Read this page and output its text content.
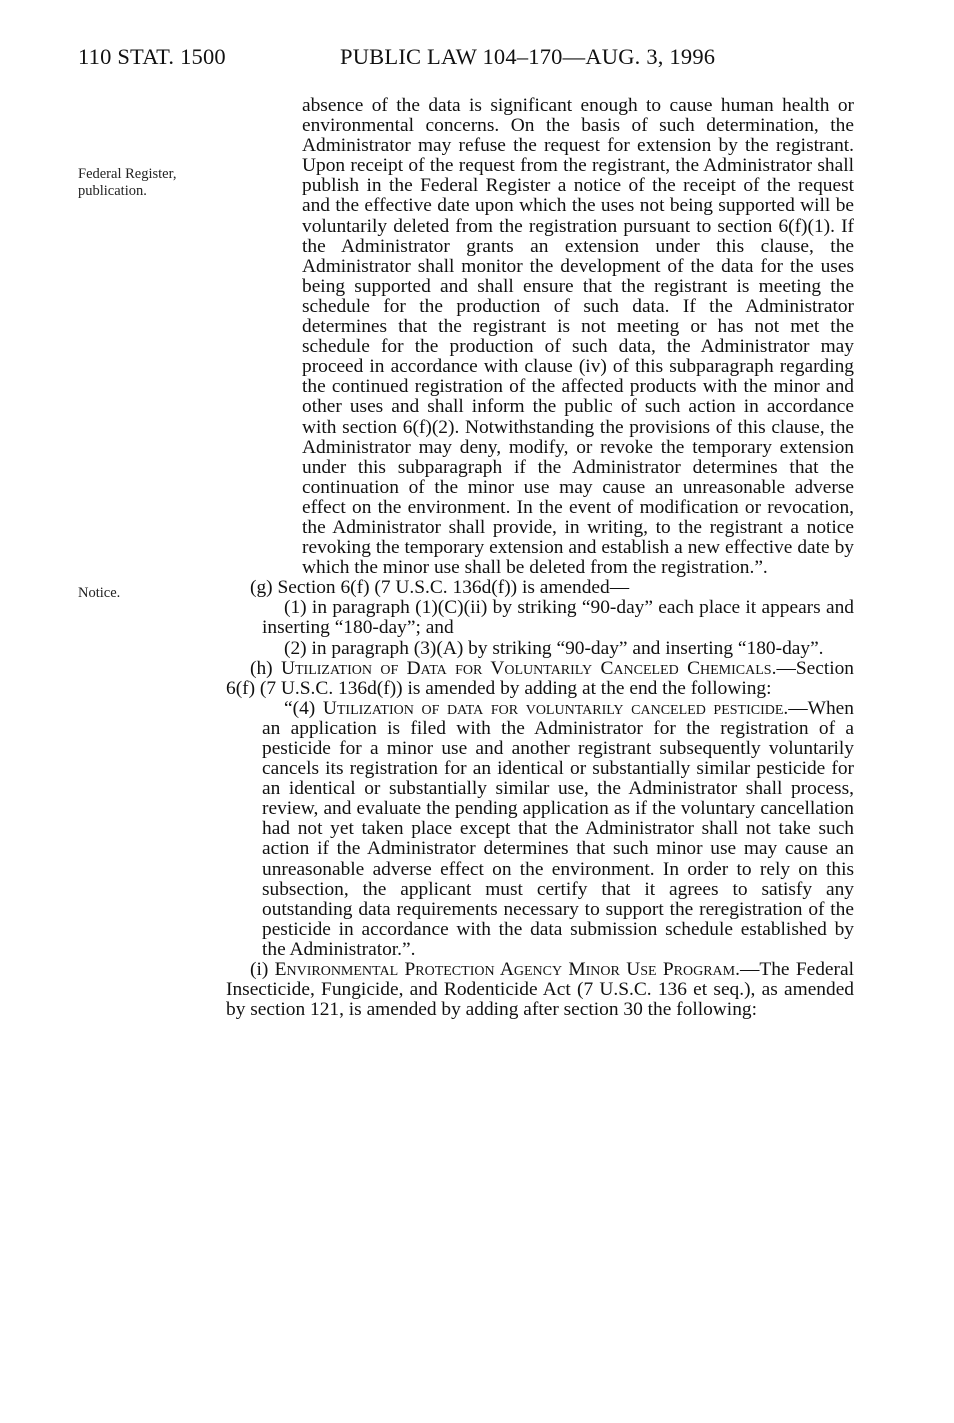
110 STAT. 1500	PUBLIC LAW 104–170—AUG. 3, 1996
Federal Register,
publication.
Notice.

absence of the data is significant enough to cause human health or environmental concerns. On the basis of such determination, the Administrator may refuse the request for extension by the registrant. Upon receipt of the request from the registrant, the Administrator shall publish in the Federal Register a notice of the receipt of the request and the effective date upon which the uses not being supported will be voluntarily deleted from the registration pursuant to section 6(f)(1). If the Administrator grants an extension under this clause, the Administrator shall monitor the development of the data for the uses being supported and shall ensure that the registrant is meeting the schedule for the production of such data. If the Administrator determines that the registrant is not meeting or has not met the schedule for the production of such data, the Administrator may proceed in accordance with clause (iv) of this subparagraph regarding the continued registration of the affected products with the minor and other uses and shall inform the public of such action in accordance with section 6(f)(2). Notwithstanding the provisions of this clause, the Administrator may deny, modify, or revoke the temporary extension under this subparagraph if the Administrator determines that the continuation of the minor use may cause an unreasonable adverse effect on the environment. In the event of modification or revocation, the Administrator shall provide, in writing, to the registrant a notice revoking the temporary extension and establish a new effective date by which the minor use shall be deleted from the registration.”.

(g) Section 6(f) (7 U.S.C. 136d(f)) is amended—

(1) in paragraph (1)(C)(ii) by striking “90-day” each place it appears and inserting “180-day”; and

(2) in paragraph (3)(A) by striking “90-day” and inserting “180-day”.

(h) Utilization of Data for Voluntarily Canceled Chemicals.—Section 6(f) (7 U.S.C. 136d(f)) is amended by adding at the end the following:

“(4) Utilization of data for voluntarily canceled pesticide.—When an application is filed with the Administrator for the registration of a pesticide for a minor use and another registrant subsequently voluntarily cancels its registration for an identical or substantially similar pesticide for an identical or substantially similar use, the Administrator shall process, review, and evaluate the pending application as if the voluntary cancellation had not yet taken place except that the Administrator shall not take such action if the Administrator determines that such minor use may cause an unreasonable adverse effect on the environment. In order to rely on this subsection, the applicant must certify that it agrees to satisfy any outstanding data requirements necessary to support the reregistration of the pesticide in accordance with the data submission schedule established by the Administrator.”.

(i) Environmental Protection Agency Minor Use Program.—The Federal Insecticide, Fungicide, and Rodenticide Act (7 U.S.C. 136 et seq.), as amended by section 121, is amended by adding after section 30 the following:
